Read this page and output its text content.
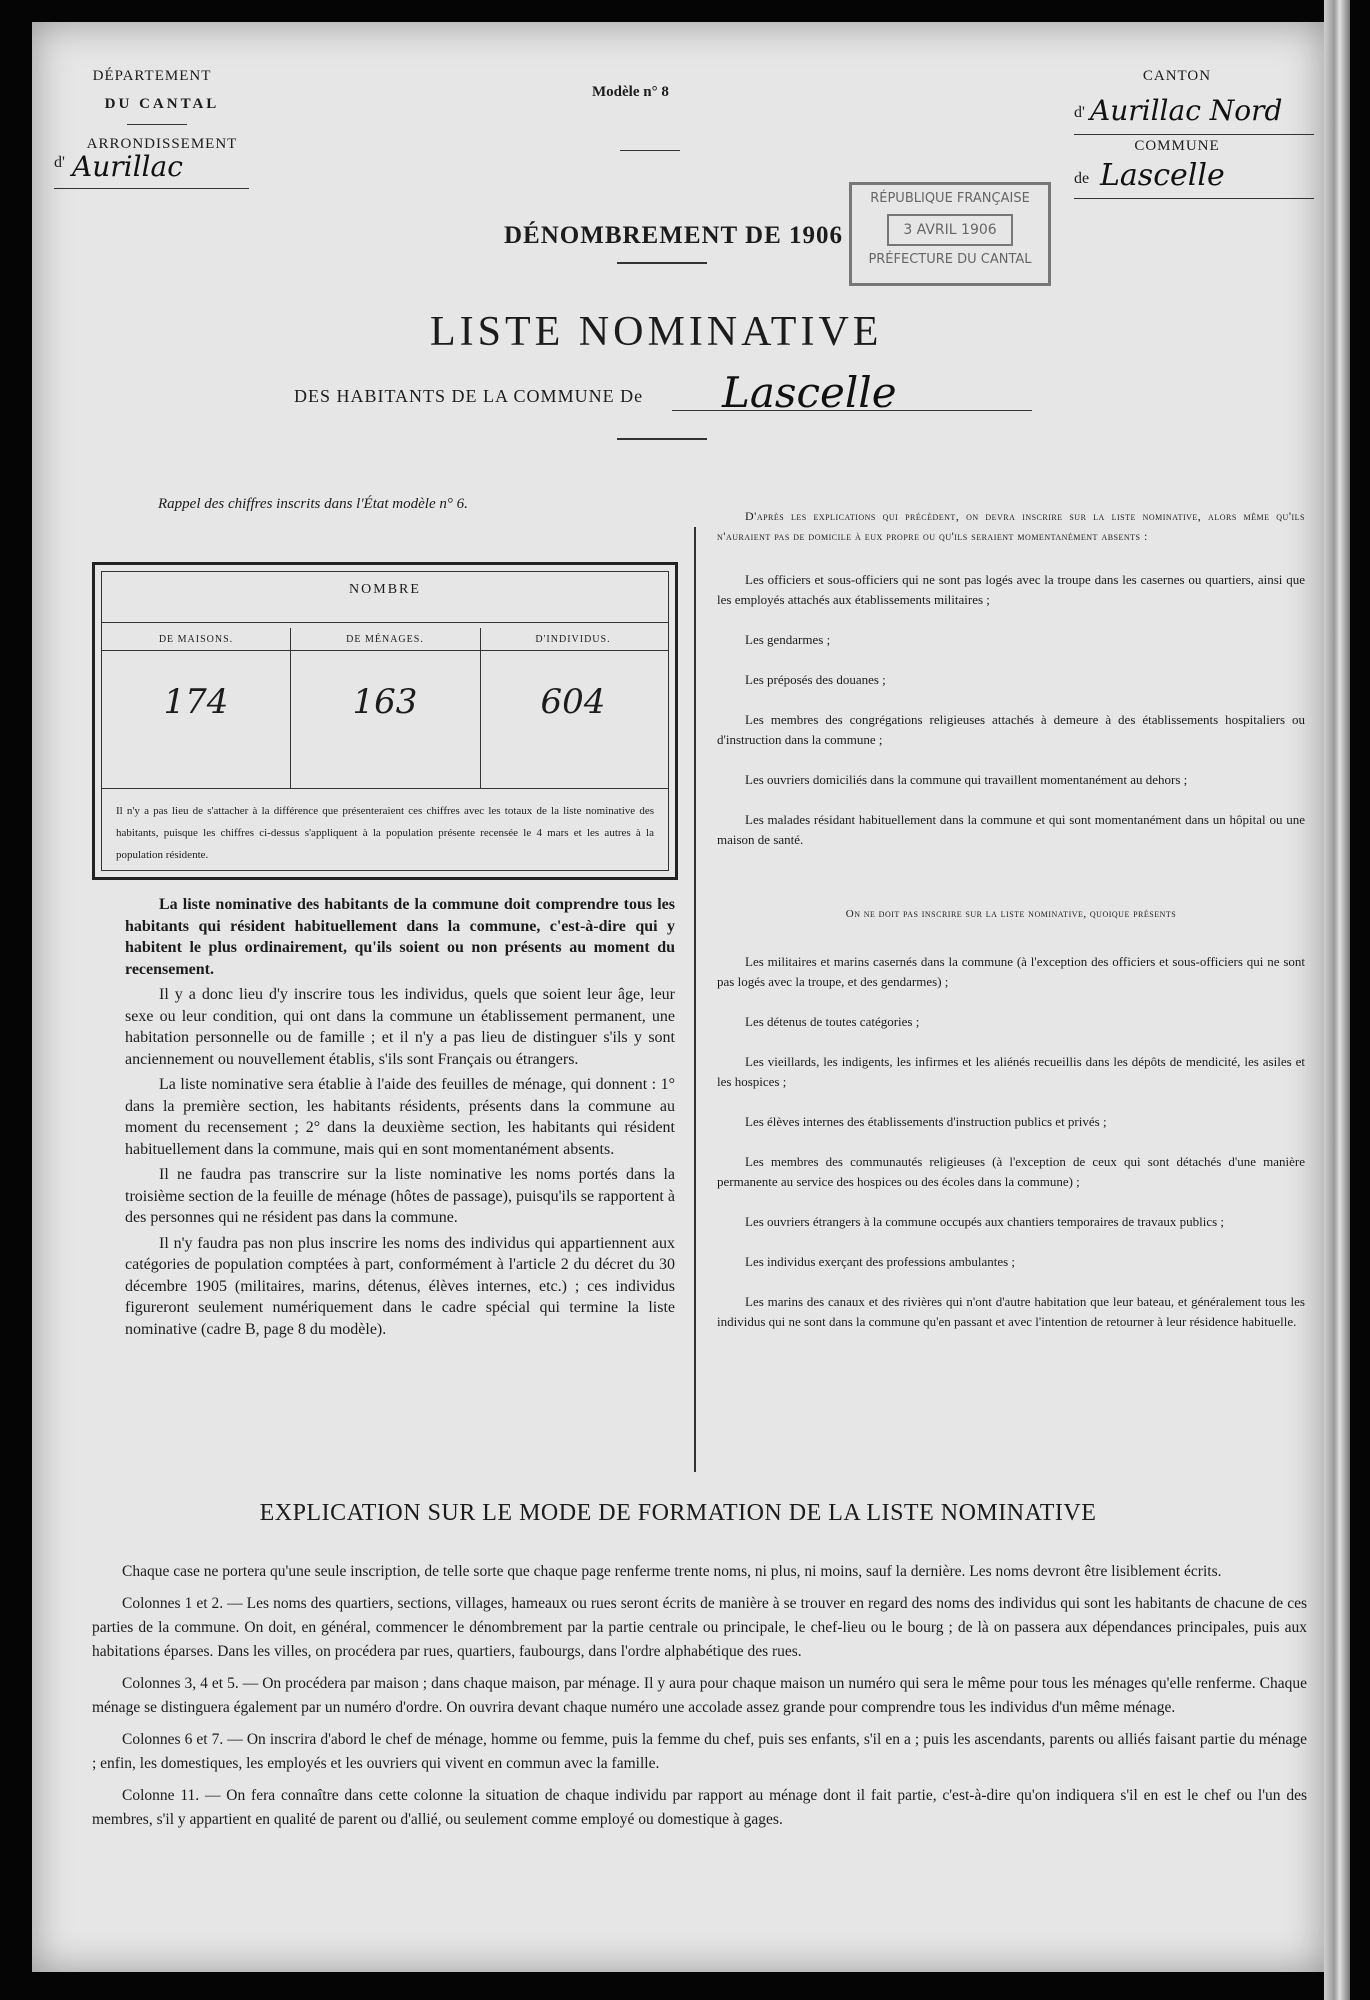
DÉPARTEMENT
DU CANTAL
ARRONDISSEMENT
d' Aurillac
Modèle n° 8
CANTON
d' Aurillac Nord
COMMUNE
de Lascelle
RÉPUBLIQUE FRANÇAISE
3 AVRIL 1906
PRÉFECTURE DU CANTAL
DÉNOMBREMENT DE 1906
LISTE NOMINATIVE
DES HABITANTS DE LA COMMUNE De Lascelle
Rappel des chiffres inscrits dans l'État modèle n° 6.
NOMBRE
DE MAISONS.	DE MÉNAGES.	D'INDIVIDUS.
174	163	604
Il n'y a pas lieu de s'attacher à la différence que présenteraient ces chiffres avec les totaux de la liste nominative des habitants, puisque les chiffres ci-dessus s'appliquent à la population présente recensée le 4 mars et les autres à la population résidente.

La liste nominative des habitants de la commune doit comprendre tous les habitants qui résident habituellement dans la commune, c'est-à-dire qui y habitent le plus ordinairement, qu'ils soient ou non présents au moment du recensement.

Il y a donc lieu d'y inscrire tous les individus, quels que soient leur âge, leur sexe ou leur condition, qui ont dans la commune un établissement permanent, une habitation personnelle ou de famille ; et il n'y a pas lieu de distinguer s'ils y sont anciennement ou nouvellement établis, s'ils sont Français ou étrangers.

La liste nominative sera établie à l'aide des feuilles de ménage, qui donnent : 1° dans la première section, les habitants résidents, présents dans la commune au moment du recensement ; 2° dans la deuxième section, les habitants qui résident habituellement dans la commune, mais qui en sont momentanément absents.

Il ne faudra pas transcrire sur la liste nominative les noms portés dans la troisième section de la feuille de ménage (hôtes de passage), puisqu'ils se rapportent à des personnes qui ne résident pas dans la commune.

Il n'y faudra pas non plus inscrire les noms des individus qui appartiennent aux catégories de population comptées à part, conformément à l'article 2 du décret du 30 décembre 1905 (militaires, marins, détenus, élèves internes, etc.) ; ces individus figureront seulement numériquement dans le cadre spécial qui termine la liste nominative (cadre B, page 8 du modèle).

D'après les explications qui précèdent, on devra inscrire sur la liste nominative, alors même qu'ils n'auraient pas de domicile à eux propre ou qu'ils seraient momentanément absents :

Les officiers et sous-officiers qui ne sont pas logés avec la troupe dans les casernes ou quartiers, ainsi que les employés attachés aux établissements militaires ;

Les gendarmes ;

Les préposés des douanes ;

Les membres des congrégations religieuses attachés à demeure à des établissements hospitaliers ou d'instruction dans la commune ;

Les ouvriers domiciliés dans la commune qui travaillent momentanément au dehors ;

Les malades résidant habituellement dans la commune et qui sont momentanément dans un hôpital ou une maison de santé.

On ne doit pas inscrire sur la liste nominative, quoique présents

Les militaires et marins casernés dans la commune (à l'exception des officiers et sous-officiers qui ne sont pas logés avec la troupe, et des gendarmes) ;

Les détenus de toutes catégories ;

Les vieillards, les indigents, les infirmes et les aliénés recueillis dans les dépôts de mendicité, les asiles et les hospices ;

Les élèves internes des établissements d'instruction publics et privés ;

Les membres des communautés religieuses (à l'exception de ceux qui sont détachés d'une manière permanente au service des hospices ou des écoles dans la commune) ;

Les ouvriers étrangers à la commune occupés aux chantiers temporaires de travaux publics ;

Les individus exerçant des professions ambulantes ;

Les marins des canaux et des rivières qui n'ont d'autre habitation que leur bateau, et généralement tous les individus qui ne sont dans la commune qu'en passant et avec l'intention de retourner à leur résidence habituelle.

EXPLICATION SUR LE MODE DE FORMATION DE LA LISTE NOMINATIVE

Chaque case ne portera qu'une seule inscription, de telle sorte que chaque page renferme trente noms, ni plus, ni moins, sauf la dernière. Les noms devront être lisiblement écrits.

Colonnes 1 et 2. — Les noms des quartiers, sections, villages, hameaux ou rues seront écrits de manière à se trouver en regard des noms des individus qui sont les habitants de chacune de ces parties de la commune. On doit, en général, commencer le dénombrement par la partie centrale ou principale, le chef-lieu ou le bourg ; de là on passera aux dépendances principales, puis aux habitations éparses. Dans les villes, on procédera par rues, quartiers, faubourgs, dans l'ordre alphabétique des rues.

Colonnes 3, 4 et 5. — On procédera par maison ; dans chaque maison, par ménage. Il y aura pour chaque maison un numéro qui sera le même pour tous les ménages qu'elle renferme. Chaque ménage se distinguera également par un numéro d'ordre. On ouvrira devant chaque numéro une accolade assez grande pour comprendre tous les individus d'un même ménage.

Colonnes 6 et 7. — On inscrira d'abord le chef de ménage, homme ou femme, puis la femme du chef, puis ses enfants, s'il en a ; puis les ascendants, parents ou alliés faisant partie du ménage ; enfin, les domestiques, les employés et les ouvriers qui vivent en commun avec la famille.

Colonne 11. — On fera connaître dans cette colonne la situation de chaque individu par rapport au ménage dont il fait partie, c'est-à-dire qu'on indiquera s'il en est le chef ou l'un des membres, s'il y appartient en qualité de parent ou d'allié, ou seulement comme employé ou domestique à gages.
